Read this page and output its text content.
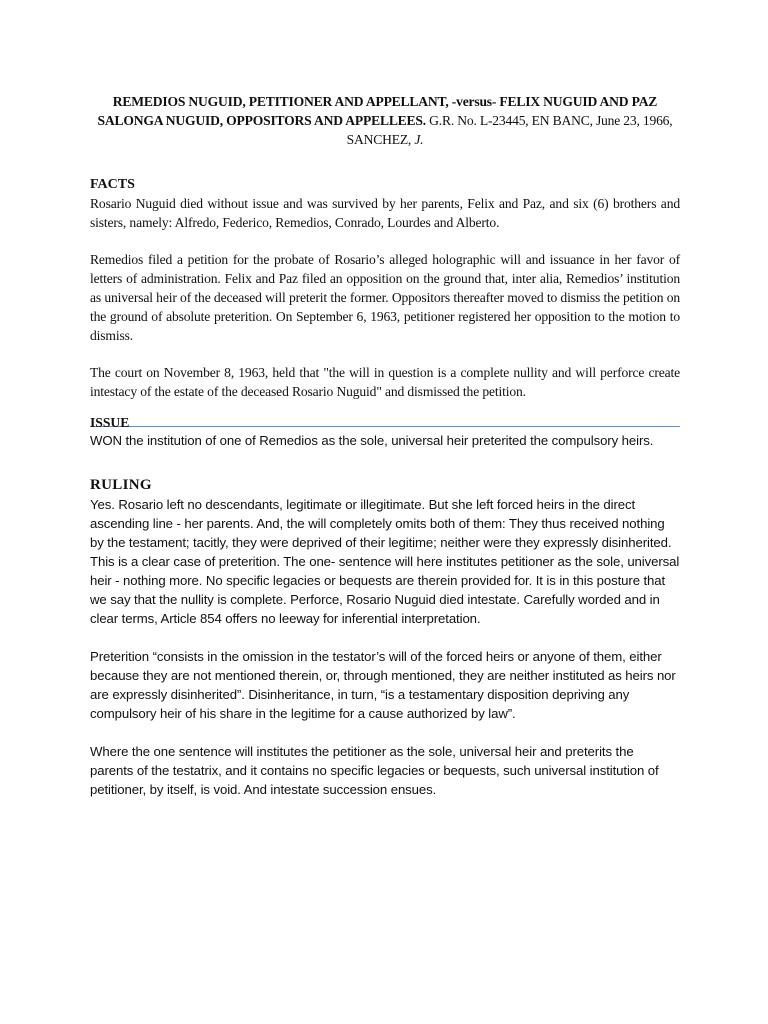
REMEDIOS NUGUID, PETITIONER AND APPELLANT, -versus- FELIX NUGUID AND PAZ SALONGA NUGUID, OPPOSITORS AND APPELLEES. G.R. No. L-23445, EN BANC, June 23, 1966, SANCHEZ, J.

FACTS

Rosario Nuguid died without issue and was survived by her parents, Felix and Paz, and six (6) brothers and sisters, namely: Alfredo, Federico, Remedios, Conrado, Lourdes and Alberto.

Remedios filed a petition for the probate of Rosario’s alleged holographic will and issuance in her favor of letters of administration. Felix and Paz filed an opposition on the ground that, inter alia, Remedios’ institution as universal heir of the deceased will preterit the former. Oppositors thereafter moved to dismiss the petition on the ground of absolute preterition. On September 6, 1963, petitioner registered her opposition to the motion to dismiss.

The court on November 8, 1963, held that "the will in question is a complete nullity and will perforce create intestacy of the estate of the deceased Rosario Nuguid" and dismissed the petition.

ISSUE

WON the institution of one of Remedios as the sole, universal heir preterited the compulsory heirs.

RULING

Yes. Rosario left no descendants, legitimate or illegitimate. But she left forced heirs in the direct ascending line - her parents. And, the will completely omits both of them: They thus received nothing by the testament; tacitly, they were deprived of their legitime; neither were they expressly disinherited. This is a clear case of preterition. The one- sentence will here institutes petitioner as the sole, universal heir - nothing more. No specific legacies or bequests are therein provided for. It is in this posture that we say that the nullity is complete. Perforce, Rosario Nuguid died intestate. Carefully worded and in clear terms, Article 854 offers no leeway for inferential interpretation.

Preterition “consists in the omission in the testator’s will of the forced heirs or anyone of them, either because they are not mentioned therein, or, through mentioned, they are neither instituted as heirs nor are expressly disinherited”. Disinheritance, in turn, “is a testamentary disposition depriving any compulsory heir of his share in the legitime for a cause authorized by law”.

Where the one sentence will institutes the petitioner as the sole, universal heir and preterits the parents of the testatrix, and it contains no specific legacies or bequests, such universal institution of petitioner, by itself, is void. And intestate succession ensues.
